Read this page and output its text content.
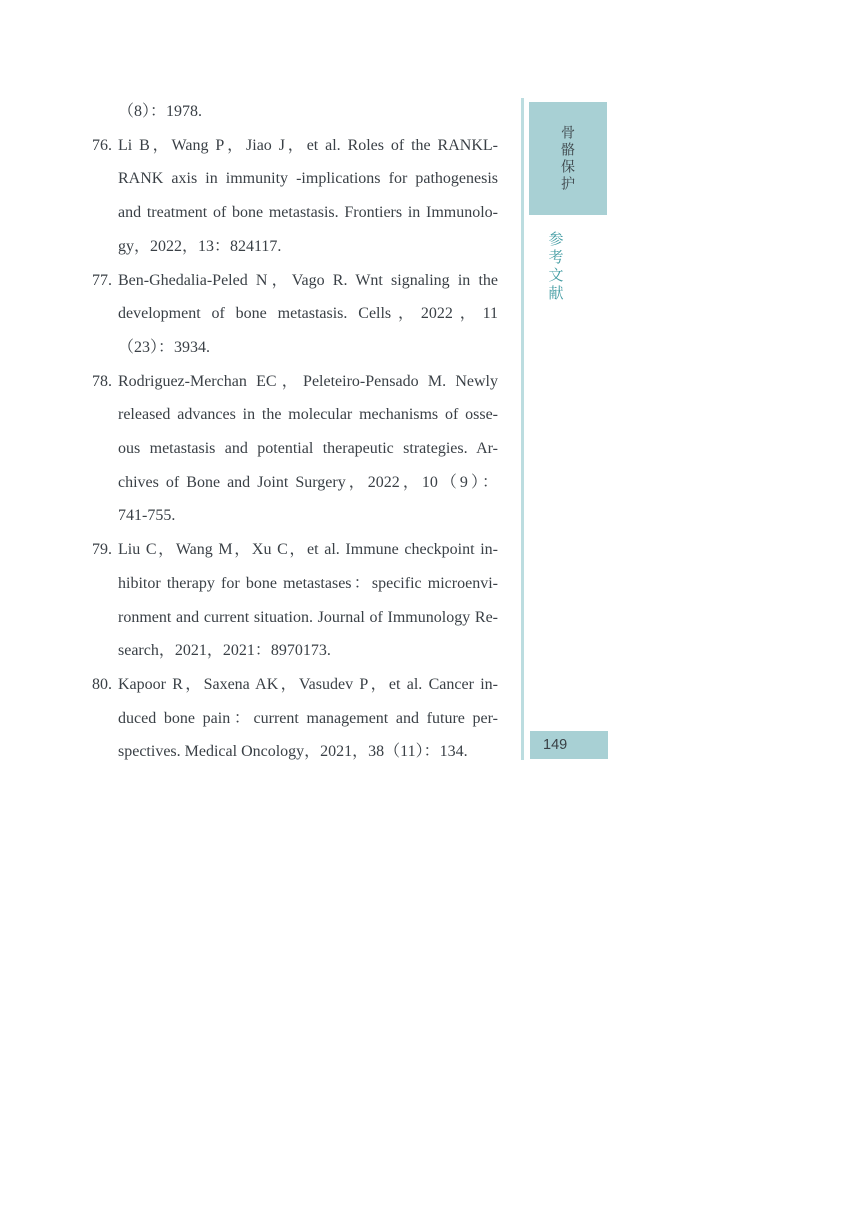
（8）：1978.
76. Li B，Wang P，Jiao J，et al. Roles of the RANKL-
RANK axis in immunity -implications for pathogenesis
and treatment of bone metastasis. Frontiers in Immunolo-
gy，2022，13：824117.
77. Ben-Ghedalia-Peled N，Vago R. Wnt signaling in the
development of bone metastasis. Cells，2022，11
（23）：3934.
78. Rodriguez-Merchan EC，Peleteiro-Pensado M. Newly
released advances in the molecular mechanisms of osse-
ous metastasis and potential therapeutic strategies. Ar-
chives of Bone and Joint Surgery，2022，10（9）：
741-755.
79. Liu C，Wang M，Xu C，et al. Immune checkpoint in-
hibitor therapy for bone metastases：specific microenvi-
ronment and current situation. Journal of Immunology Re-
search，2021，2021：8970173.
80. Kapoor R，Saxena AK，Vasudev P，et al. Cancer in-
duced bone pain：current management and future per-
spectives. Medical Oncology，2021，38（11）：134.
骨骼保护
参考文献
149
